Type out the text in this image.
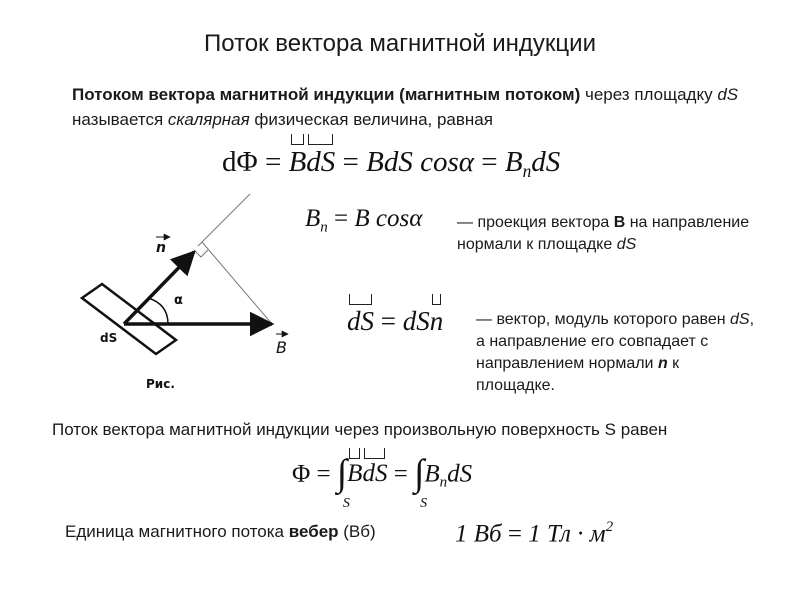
Поток вектора магнитной индукции
Потоком вектора магнитной индукции (магнитным потоком) через площадку dS называется скалярная физическая величина, равная
dΦ = BdS = BdS $\cos\alpha = B_ndS$
$B_n = B$ cosα — проекция вектора B на направление нормали к площадке dS
dS = dSn — вектор, модуль которого равен dS, а направление его совпадает с направлением нормали n к площадке.
Поток вектора магнитной индукции через произвольную поверхность S равен
Φ = ∫
S
BdS = ∫
S
$B_ndS$
Единица магнитного потока вебер (Вб)	1 Вб = 1 Тл · $м^2$
n
α
dS	B
Рис.
